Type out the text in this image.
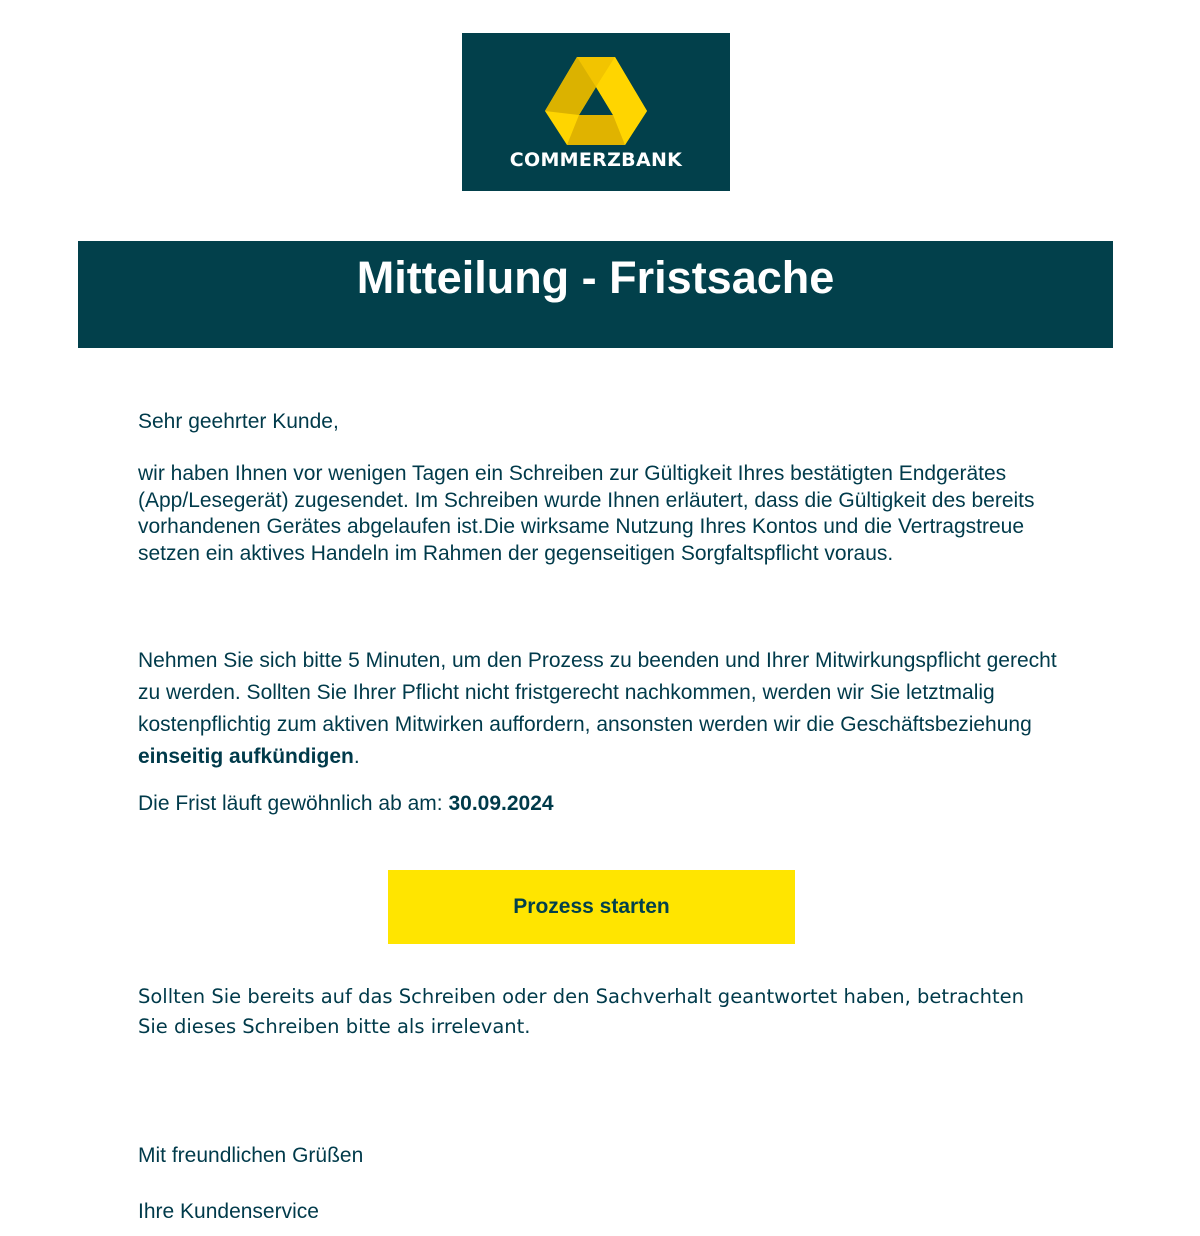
COMMERZBANK
Mitteilung - Fristsache
Sehr geehrter Kunde,
wir haben Ihnen vor wenigen Tagen ein Schreiben zur Gültigkeit Ihres bestätigten Endgerätes (App/Lesegerät) zugesendet. Im Schreiben wurde Ihnen erläutert, dass die Gültigkeit des bereits vorhandenen Gerätes abgelaufen ist.Die wirksame Nutzung Ihres Kontos und die Vertragstreue setzen ein aktives Handeln im Rahmen der gegenseitigen Sorgfaltspflicht voraus.
Nehmen Sie sich bitte 5 Minuten, um den Prozess zu beenden und Ihrer Mitwirkungspflicht gerecht zu werden. Sollten Sie Ihrer Pflicht nicht fristgerecht nachkommen, werden wir Sie letztmalig kostenpflichtig zum aktiven Mitwirken auffordern, ansonsten werden wir die Geschäftsbeziehung einseitig aufkündigen.
Die Frist läuft gewöhnlich ab am: 30.09.2024
Prozess starten
Sollten Sie bereits auf das Schreiben oder den Sachverhalt geantwortet haben, betrachten Sie dieses Schreiben bitte als irrelevant.
Mit freundlichen Grüßen
Ihre Kundenservice
